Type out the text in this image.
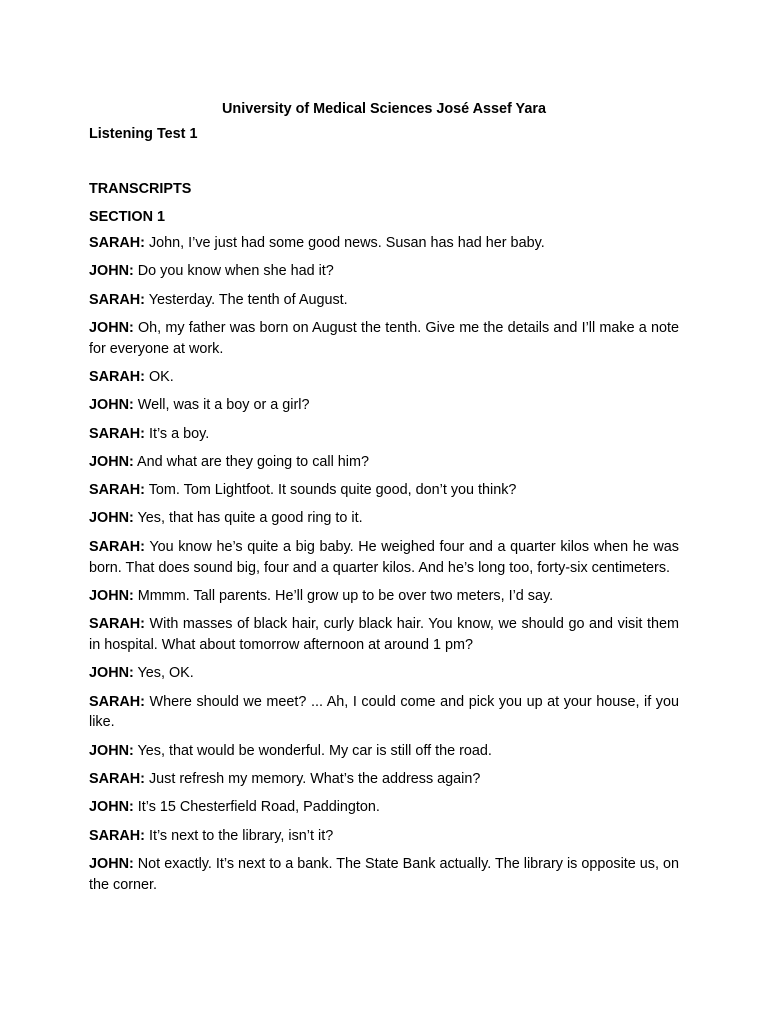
University of Medical Sciences José Assef Yara
Listening Test 1
TRANSCRIPTS
SECTION 1

SARAH: John, I’ve just had some good news. Susan has had her baby.

JOHN: Do you know when she had it?

SARAH: Yesterday. The tenth of August.

JOHN: Oh, my father was born on August the tenth. Give me the details and I’ll make a note for everyone at work.

SARAH: OK.

JOHN: Well, was it a boy or a girl?

SARAH: It’s a boy.

JOHN: And what are they going to call him?

SARAH: Tom. Tom Lightfoot. It sounds quite good, don’t you think?

JOHN: Yes, that has quite a good ring to it.

SARAH: You know he’s quite a big baby. He weighed four and a quarter kilos when he was born. That does sound big, four and a quarter kilos. And he’s long too, forty-six centimeters.

JOHN: Mmmm. Tall parents. He’ll grow up to be over two meters, I’d say.

SARAH: With masses of black hair, curly black hair. You know, we should go and visit them in hospital. What about tomorrow afternoon at around 1 pm?

JOHN: Yes, OK.

SARAH: Where should we meet? ... Ah, I could come and pick you up at your house, if you like.

JOHN: Yes, that would be wonderful. My car is still off the road.

SARAH: Just refresh my memory. What’s the address again?

JOHN: It’s 15 Chesterfield Road, Paddington.

SARAH: It’s next to the library, isn’t it?

JOHN: Not exactly. It’s next to a bank. The State Bank actually. The library is opposite us, on the corner.
